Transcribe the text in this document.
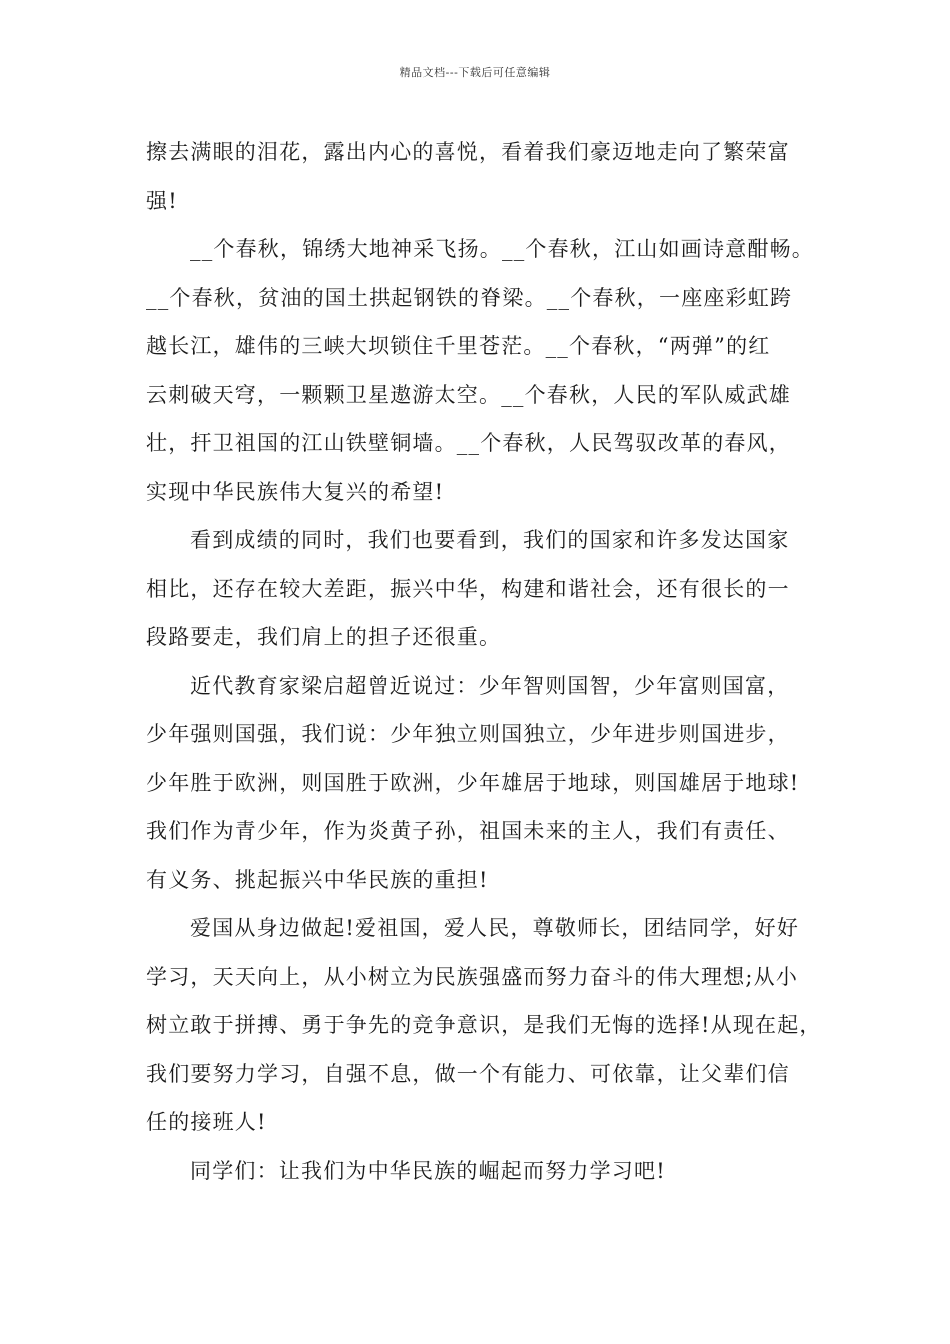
精品文档---下载后可任意编辑
擦去满眼的泪花，露出内心的喜悦，看着我们豪迈地走向了繁荣富
强!
__个春秋，锦绣大地神采飞扬。__个春秋，江山如画诗意酣畅。
__个春秋，贫油的国土拱起钢铁的脊梁。__个春秋，一座座彩虹跨
越长江，雄伟的三峡大坝锁住千里苍茫。__个春秋，“两弹”的红
云刺破天穹，一颗颗卫星遨游太空。__个春秋，人民的军队威武雄
壮，扞卫祖国的江山铁壁铜墙。__个春秋，人民驾驭改革的春风，
实现中华民族伟大复兴的希望!
看到成绩的同时，我们也要看到，我们的国家和许多发达国家
相比，还存在较大差距，振兴中华，构建和谐社会，还有很长的一
段路要走，我们肩上的担子还很重。
近代教育家梁启超曾近说过：少年智则国智，少年富则国富，
少年强则国强，我们说：少年独立则国独立，少年进步则国进步，
少年胜于欧洲，则国胜于欧洲，少年雄居于地球，则国雄居于地球!
我们作为青少年，作为炎黄子孙，祖国未来的主人，我们有责任、
有义务、挑起振兴中华民族的重担!
爱国从身边做起!爱祖国，爱人民，尊敬师长，团结同学，好好
学习，天天向上，从小树立为民族强盛而努力奋斗的伟大理想;从小
树立敢于拼搏、勇于争先的竞争意识，是我们无悔的选择!从现在起，
我们要努力学习，自强不息，做一个有能力、可依靠，让父辈们信
任的接班人!
同学们：让我们为中华民族的崛起而努力学习吧!
